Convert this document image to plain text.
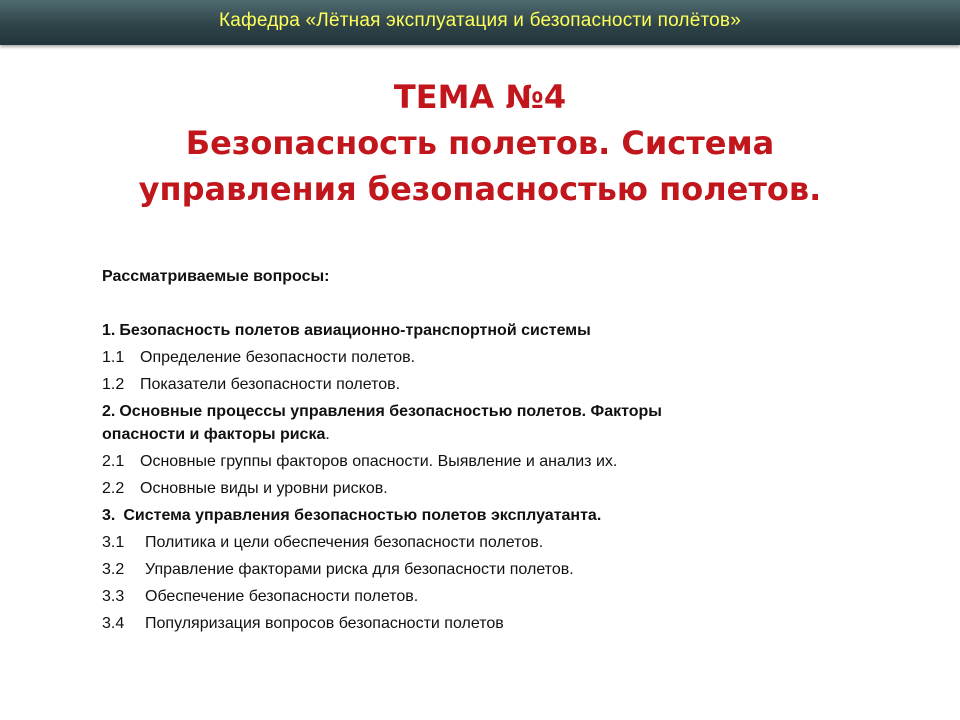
Кафедра «Лётная эксплуатация и безопасности полётов»
ТЕМА №4
Безопасность полетов. Система
управления безопасностью полетов.
Рассматриваемые вопросы:
1. Безопасность полетов авиационно-транспортной системы
1.1 Определение безопасности полетов.
1.2 Показатели безопасности полетов.
2. Основные процессы управления безопасностью полетов. Факторы
опасности и факторы риска.
2.1 Основные группы факторов опасности. Выявление и анализ их.
2.2 Основные виды и уровни рисков.
3. Система управления безопасностью полетов эксплуатанта.
3.1 Политика и цели обеспечения безопасности полетов.
3.2 Управление факторами риска для безопасности полетов.
3.3 Обеспечение безопасности полетов.
3.4 Популяризация вопросов безопасности полетов
